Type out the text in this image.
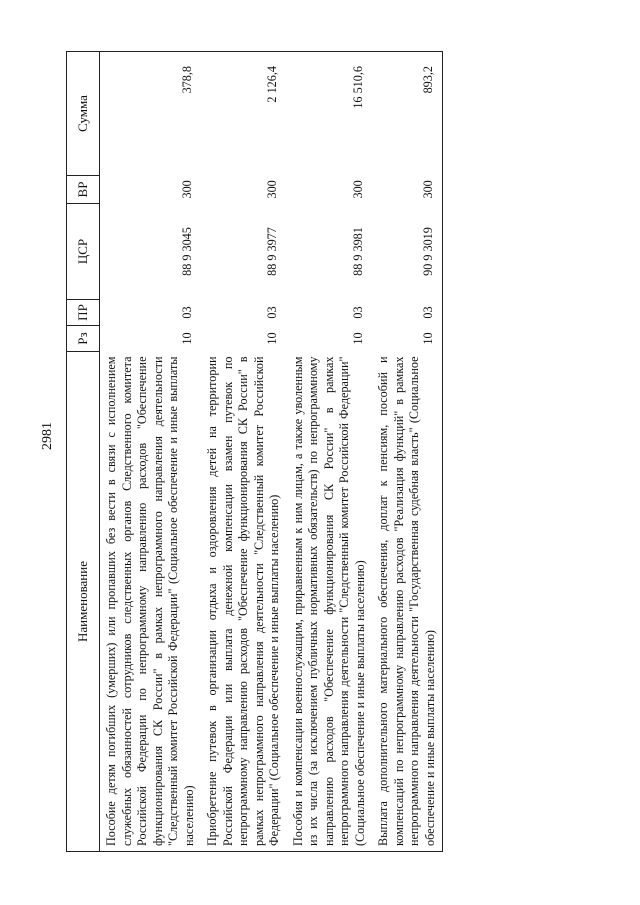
2981
Наименование	Рз	ПР	ЦСР	ВР	Сумма
Пособие детям погибших (умерших) или пропавших без вести в связи с исполнением служебных обязанностей сотрудников следственных органов Следственного комитета Российской Федерации по непрограммному направлению расходов "Обеспечение функционирования СК России" в рамках непрограммного направления деятельности "Следственный комитет Российской Федерации" (Социальное обеспечение и иные выплаты населению)	10	03	88 9 3045	300	378,8
Приобретение путевок в организации отдыха и оздоровления детей на территории Российской Федерации или выплата денежной компенсации взамен путевок по непрограммному направлению расходов "Обеспечение функционирования СК России" в рамках непрограммного направления деятельности "Следственный комитет Российской Федерации" (Социальное обеспечение и иные выплаты населению)	10	03	88 9 3977	300	2 126,4
Пособия и компенсации военнослужащим, приравненным к ним лицам, а также уволенным из их числа (за исключением публичных нормативных обязательств) по непрограммному направлению расходов "Обеспечение функционирования СК России" в рамках непрограммного направления деятельности "Следственный комитет Российской Федерации" (Социальное обеспечение и иные выплаты населению)	10	03	88 9 3981	300	16 510,6
Выплата дополнительного материального обеспечения, доплат к пенсиям, пособий и компенсаций по непрограммному направлению расходов "Реализация функций" в рамках непрограммного направления деятельности "Государственная судебная власть" (Социальное обеспечение и иные выплаты населению)	10	03	90 9 3019	300	893,2
